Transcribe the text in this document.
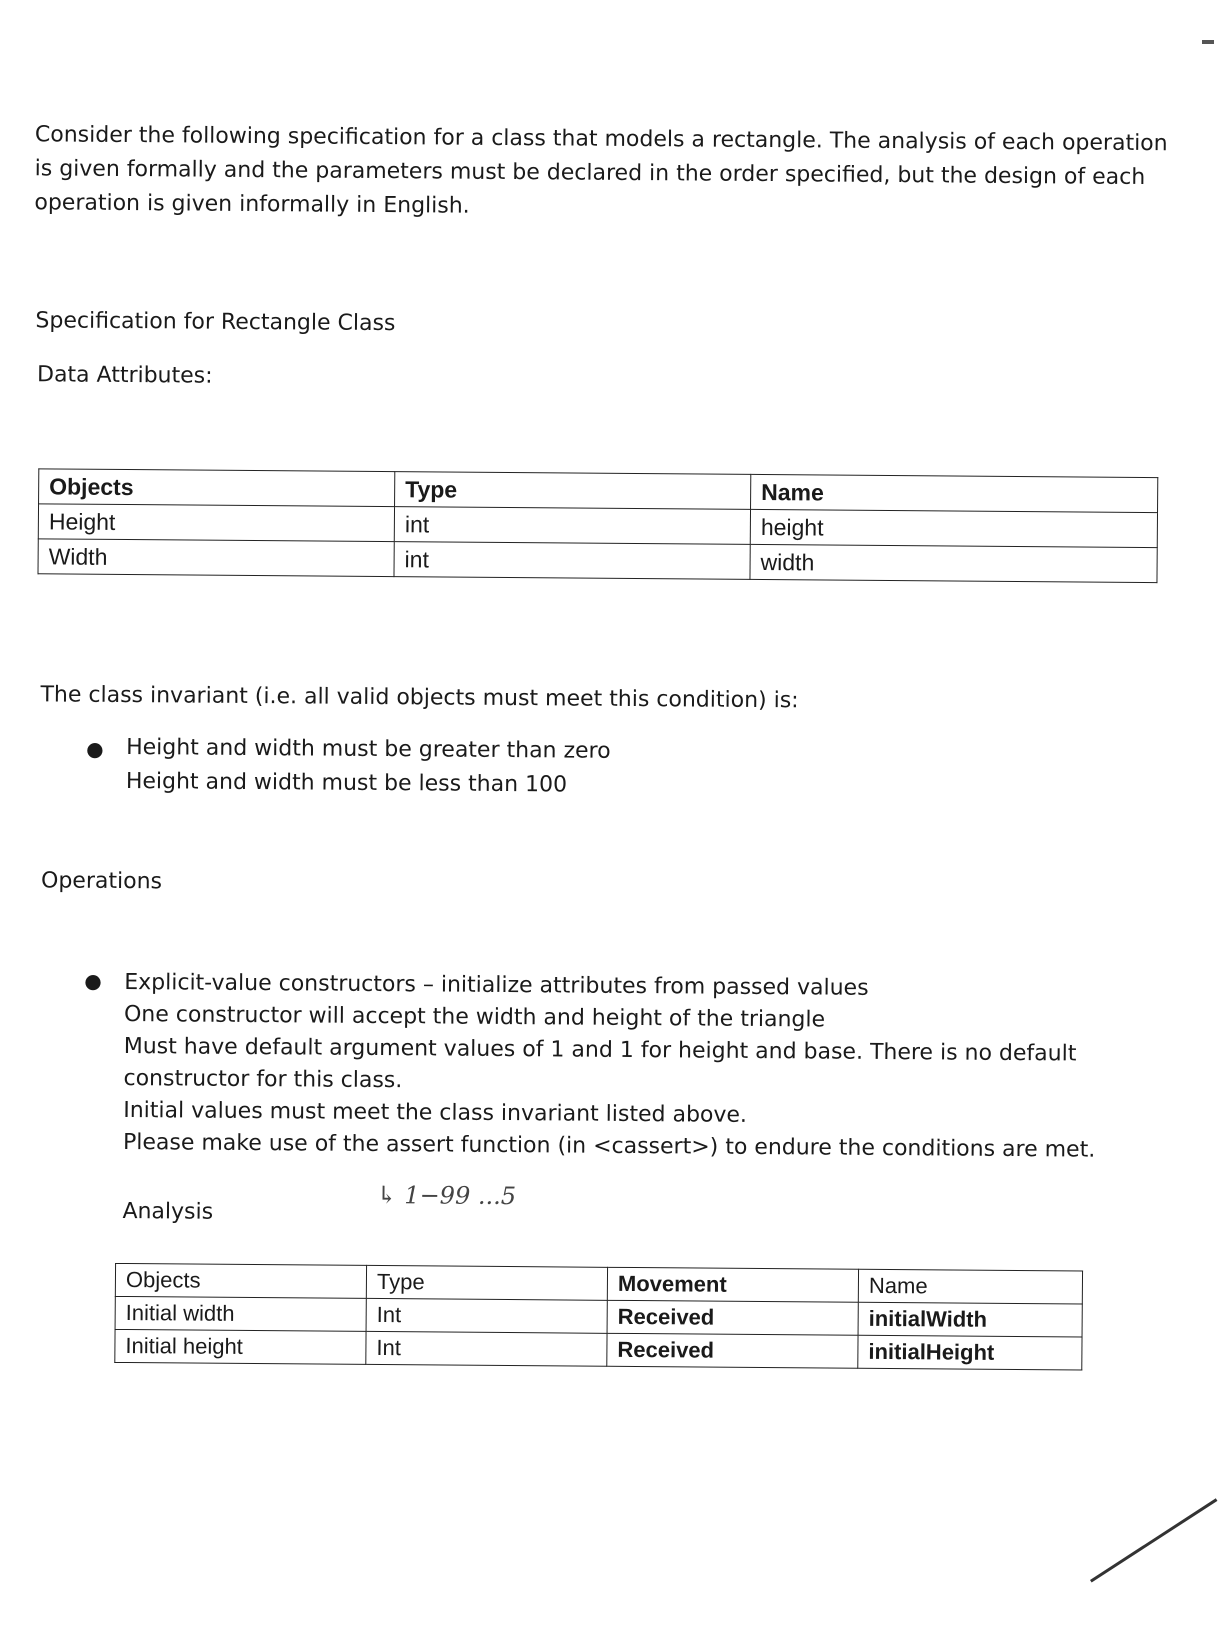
Consider the following specification for a class that models a rectangle. The analysis of each operation is given formally and the parameters must be declared in the order specified, but the design of each operation is given informally in English.
Specification for Rectangle Class
Data Attributes:
Objects	Type	Name
Height	int	height
Width	int	width
The class invariant (i.e. all valid objects must meet this condition) is:
● Height and width must be greater than zero
Height and width must be less than 100
Operations
● Explicit-value constructors – initialize attributes from passed values
One constructor will accept the width and height of the triangle
Must have default argument values of 1 and 1 for height and base. There is no default constructor for this class.
Initial values must meet the class invariant listed above.
Please make use of the assert function (in <cassert>) to endure the conditions are met.
↳ 1−99 ...5
Analysis
Objects	Type	Movement	Name
Initial width	Int	Received	initialWidth
Initial height	Int	Received	initialHeight
